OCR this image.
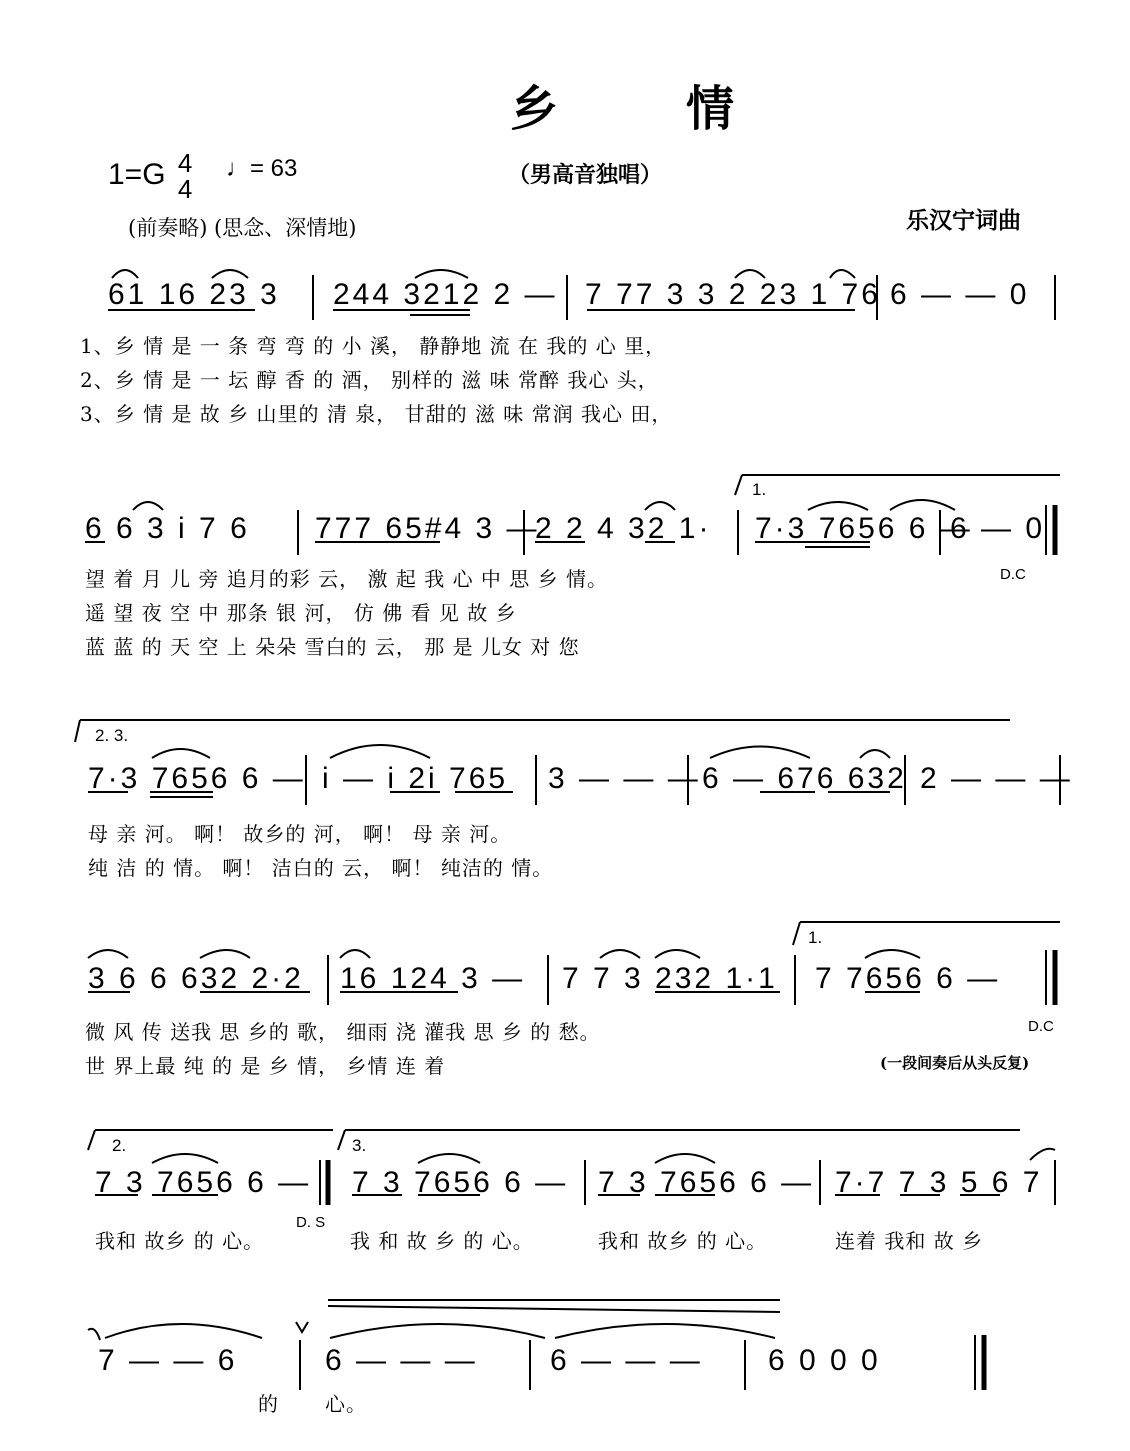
乡　情
1=G 4
4
♩= 63	（男高音独唱）
(前奏略) (思念、深情地)	乐汉宁词曲
61 16 23 3 244 3212 2 — 7 77 3 3 2 23 1 76 6 — — 0
1、乡 情 是 一 条 弯 弯 的 小 溪， 静静地 流 在 我的 心 里，
2、乡 情 是 一 坛 醇 香 的 酒， 别样的 滋 味 常醉 我心 头，
3、乡 情 是 故 乡 山里的 清 泉， 甘甜的 滋 味 常润 我心 田，
6 6 3 i 7 6 777 65#4 3 —
2 2 4 32 1·
1.
7·3 7656 6 —
6 — 0
望 着 月 儿 旁 追月的彩 云， 激 起 我 心 中 思 乡 情。
遥 望 夜 空 中 那条 银 河， 仿 佛 看 见 故 乡
蓝 蓝 的 天 空 上 朵朵 雪白的 云， 那 是 儿女 对 您
D.C
2. 3.
7·3 7656 6 — i — i 2i 765 3 — — — 6 — 676 632 2 — — —
母 亲 河。 啊！ 故乡的 河， 啊！ 母 亲 河。
纯 洁 的 情。 啊！ 洁白的 云， 啊！ 纯洁的 情。
3 6 6 632 2·2 16 124 3 — 7 7 3 232 1·1
1.
7 7656 6 —
微 风 传 送我 思 乡的 歌， 细雨 浇 灌我 思 乡 的 愁。
世 界上最 纯 的 是 乡 情， 乡情 连 着
D.C
(一段间奏后从头反复)
2.	3.
7 3 7656 6 — 7 3 7656 6 — 7 3 7656 6 — 7·7 7 3 5 6 7
我和 故乡 的 心。
D. S
我 和 故 乡 的 心。	我和 故乡 的 心。	连着 我和 故 乡
7 — — 6	6 — — — 6 — — — 6 0 0 0
的 心。
